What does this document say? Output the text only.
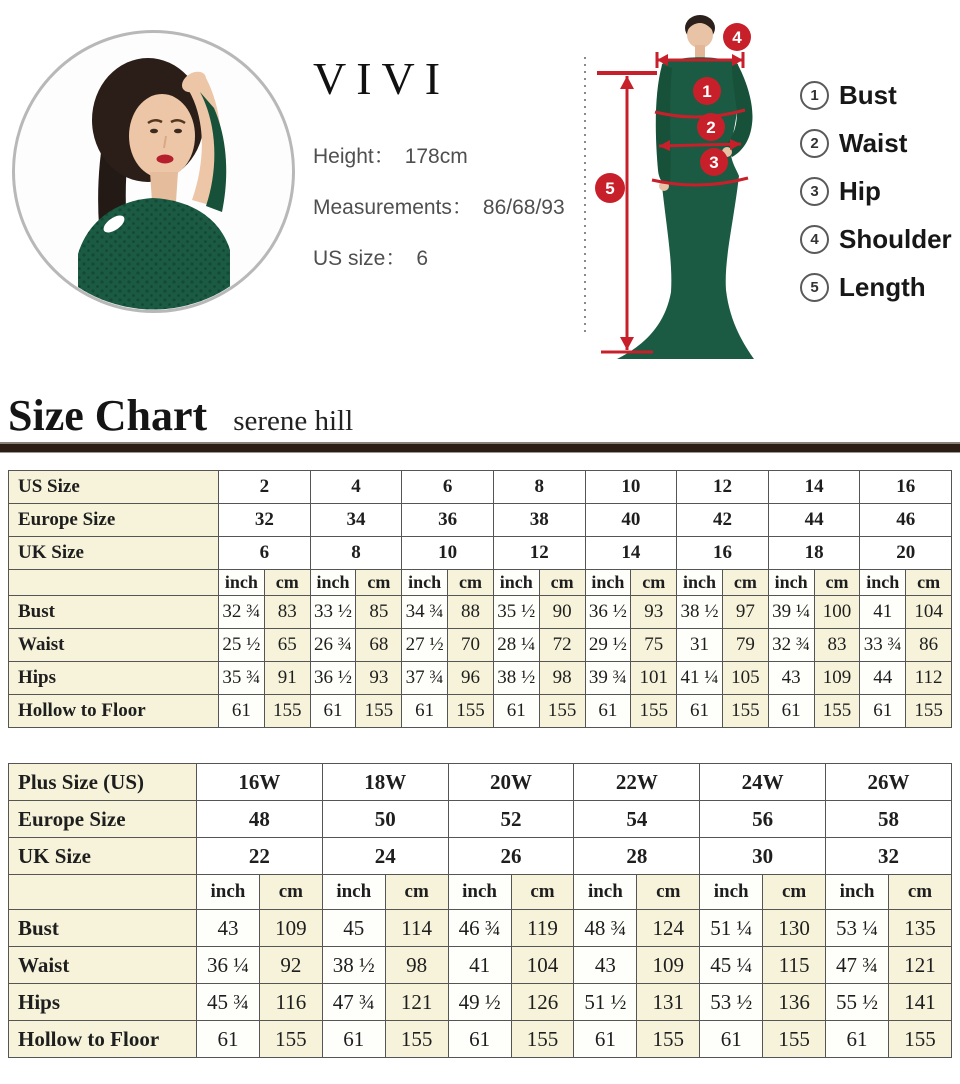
VIVI
Height： 178cm
Measurements： 86/68/93
US size： 6
1
2
3
4
5
1 Bust
2 Waist
3 Hip
4 Shoulder
5 Length
Size Chart serene hill
US Size	2		4		6		8		10		12		14		16	
Europe Size	32		34		36		38		40		42		44		46	
UK Size	6		8		10		12		14		16		18		20	
	inch	cm	inch	cm	inch	cm	inch	cm	inch	cm	inch	cm	inch	cm	inch	cm
Bust	32 ¾	83	33 ½	85	34 ¾	88	35 ½	90	36 ½	93	38 ½	97	39 ¼	100	41	104
Waist	25 ½	65	26 ¾	68	27 ½	70	28 ¼	72	29 ½	75	31	79	32 ¾	83	33 ¾	86
Hips	35 ¾	91	36 ½	93	37 ¾	96	38 ½	98	39 ¾	101	41 ¼	105	43	109	44	112
Hollow to Floor	61	155	61	155	61	155	61	155	61	155	61	155	61	155	61	155
Plus Size (US)	16W		18W		20W		22W		24W		26W	
Europe Size	48		50		52		54		56		58	
UK Size	22		24		26		28		30		32	
	inch	cm	inch	cm	inch	cm	inch	cm	inch	cm	inch	cm
Bust	43	109	45	114	46 ¾	119	48 ¾	124	51 ¼	130	53 ¼	135
Waist	36 ¼	92	38 ½	98	41	104	43	109	45 ¼	115	47 ¾	121
Hips	45 ¾	116	47 ¾	121	49 ½	126	51 ½	131	53 ½	136	55 ½	141
Hollow to Floor	61	155	61	155	61	155	61	155	61	155	61	155
